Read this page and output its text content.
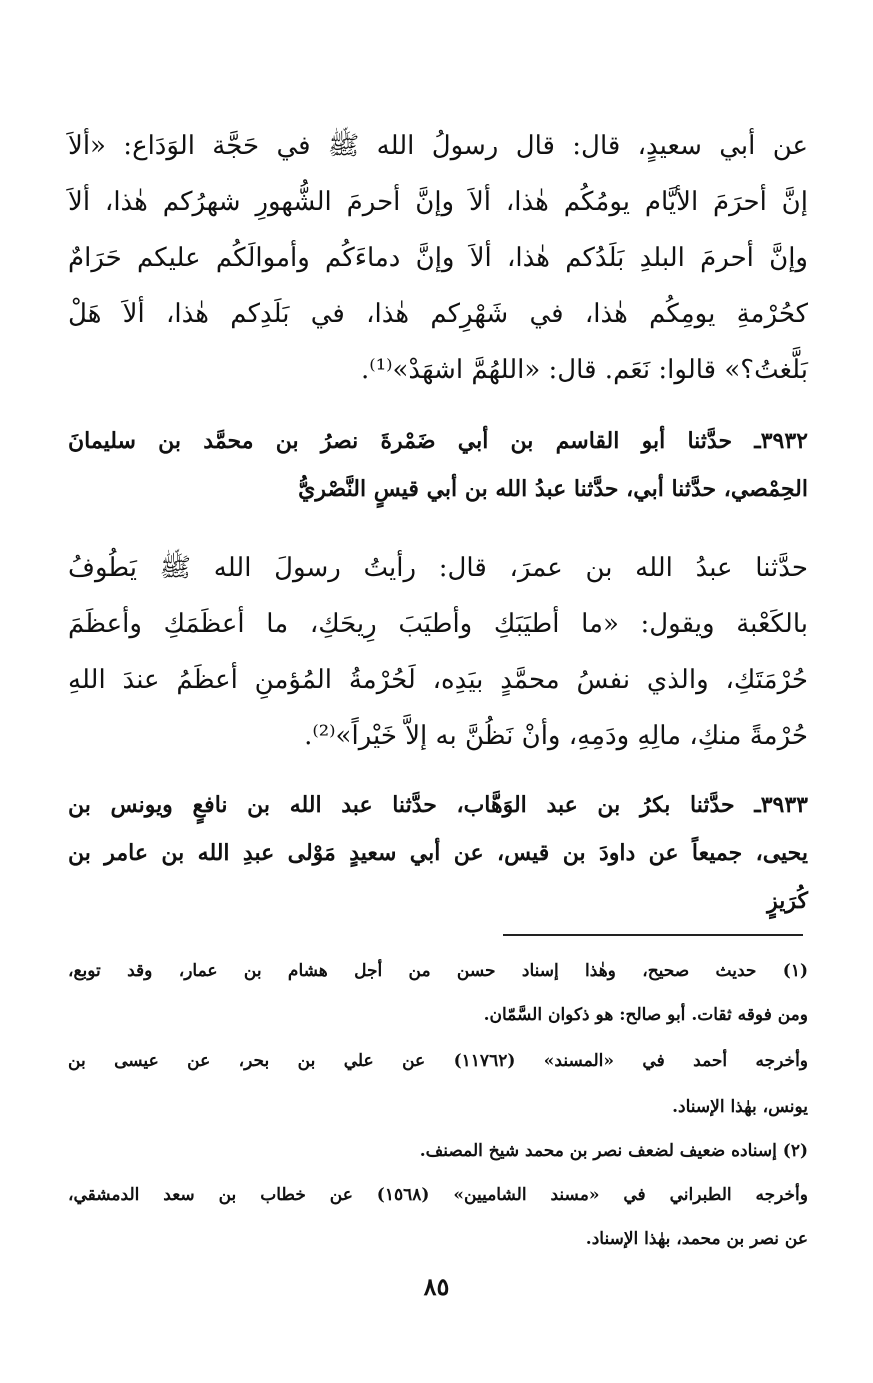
عن أبي سعيدٍ، قال: قال رسولُ الله ﷺ في حَجَّة الوَدَاع: «ألاَ
إنَّ أحرَمَ الأيَّام يومُكُم هٰذا، ألاَ وإنَّ أحرمَ الشُّهورِ شهرُكم هٰذا، ألاَ
وإنَّ أحرمَ البلدِ بَلَدُكم هٰذا، ألاَ وإنَّ دماءَكُم وأموالَكُم عليكم حَرَامٌ
كحُرْمةِ يومِكُم هٰذا، في شَهْرِكم هٰذا، في بَلَدِكم هٰذا، ألاَ هَلْ
بَلَّغتُ؟» قالوا: نَعَم. قال: «اللهُمَّ اشهَدْ»⁽¹⁾.
٣٩٣٢ـ حدَّثنا أبو القاسم بن أبي ضَمْرةَ نصرُ بن محمَّد بن سليمانَ
الحِمْصي، حدَّثنا أبي، حدَّثنا عبدُ الله بن أبي قيسٍ النَّصْريُّ
حدَّثنا عبدُ الله بن عمرَ، قال: رأيتُ رسولَ الله ﷺ يَطُوفُ
بالكَعْبة ويقول: «ما أطيَبَكِ وأطيَبَ رِيحَكِ، ما أعظَمَكِ وأعظَمَ
حُرْمَتَكِ، والذي نفسُ محمَّدٍ بيَدِه، لَحُرْمةُ المُؤمنِ أعظَمُ عندَ اللهِ
حُرْمةً منكِ، مالِهِ ودَمِهِ، وأنْ نَظُنَّ به إلاَّ خَيْراً»⁽²⁾.
٣٩٣٣ـ حدَّثنا بكرُ بن عبد الوَهَّاب، حدَّثنا عبد الله بن نافعٍ ويونس بن
يحيى، جميعاً عن داودَ بن قيس، عن أبي سعيدٍ مَوْلى عبدِ الله بن عامر بن
كُرَيزٍ
(١) حديث صحيح، وهٰذا إسناد حسن من أجل هشام بن عمار، وقد توبع،
ومن فوقه ثقات. أبو صالح: هو ذكوان السَّمّان.
وأخرجه أحمد في «المسند» (١١٧٦٢) عن علي بن بحر، عن عيسى بن
يونس، بهٰذا الإسناد.
(٢) إسناده ضعيف لضعف نصر بن محمد شيخ المصنف.
وأخرجه الطبراني في «مسند الشاميين» (١٥٦٨) عن خطاب بن سعد الدمشقي،
عن نصر بن محمد، بهٰذا الإسناد.
٨٥
